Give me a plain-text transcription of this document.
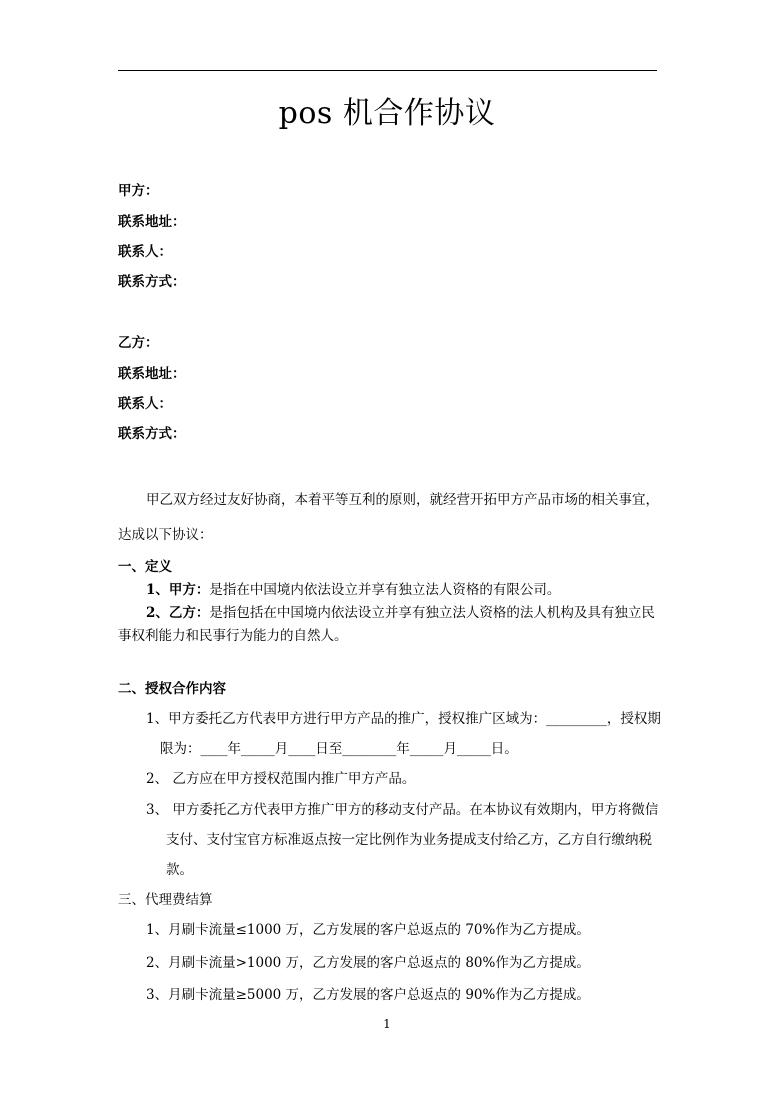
pos 机合作协议
甲方：
联系地址：
联系人：
联系方式：
乙方：
联系地址：
联系人：
联系方式：
甲乙双方经过友好协商，本着平等互利的原则，就经营开拓甲方产品市场的相关事宜，
达成以下协议：
一、定义
1、甲方：是指在中国境内依法设立并享有独立法人资格的有限公司。
2、乙方：是指包括在中国境内依法设立并享有独立法人资格的法人机构及具有独立民
事权利能力和民事行为能力的自然人。
二、授权合作内容
1、甲方委托乙方代表甲方进行甲方产品的推广，授权推广区域为：_________，授权期
限为：____年_____月____日至________年_____月_____日。
2、 乙方应在甲方授权范围内推广甲方产品。
3、 甲方委托乙方代表甲方推广甲方的移动支付产品。在本协议有效期内，甲方将微信
支付、支付宝官方标准返点按一定比例作为业务提成支付给乙方，乙方自行缴纳税
款。
三、代理费结算
1、月刷卡流量≤1000 万，乙方发展的客户总返点的 70%作为乙方提成。
2、月刷卡流量>1000 万，乙方发展的客户总返点的 80%作为乙方提成。
3、月刷卡流量≥5000 万，乙方发展的客户总返点的 90%作为乙方提成。
1
